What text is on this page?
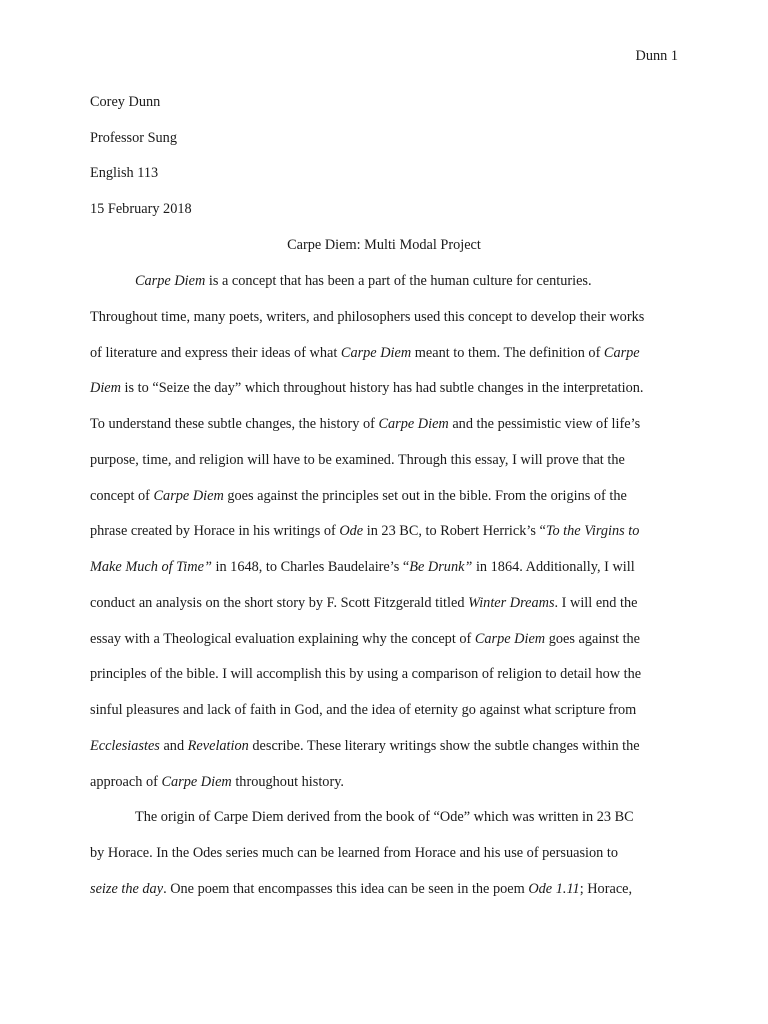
Dunn 1
Corey Dunn
Professor Sung
English 113
15 February 2018
Carpe Diem: Multi Modal Project
Carpe Diem is a concept that has been a part of the human culture for centuries.
Throughout time, many poets, writers, and philosophers used this concept to develop their works
of literature and express their ideas of what Carpe Diem meant to them. The definition of Carpe
Diem is to “Seize the day” which throughout history has had subtle changes in the interpretation.
To understand these subtle changes, the history of Carpe Diem and the pessimistic view of life’s
purpose, time, and religion will have to be examined. Through this essay, I will prove that the
concept of Carpe Diem goes against the principles set out in the bible. From the origins of the
phrase created by Horace in his writings of Ode in 23 BC, to Robert Herrick’s “To the Virgins to
Make Much of Time” in 1648, to Charles Baudelaire’s “Be Drunk” in 1864. Additionally, I will
conduct an analysis on the short story by F. Scott Fitzgerald titled Winter Dreams. I will end the
essay with a Theological evaluation explaining why the concept of Carpe Diem goes against the
principles of the bible. I will accomplish this by using a comparison of religion to detail how the
sinful pleasures and lack of faith in God, and the idea of eternity go against what scripture from
Ecclesiastes and Revelation describe. These literary writings show the subtle changes within the
approach of Carpe Diem throughout history.
The origin of Carpe Diem derived from the book of “Ode” which was written in 23 BC
by Horace. In the Odes series much can be learned from Horace and his use of persuasion to
seize the day. One poem that encompasses this idea can be seen in the poem Ode 1.11; Horace,
